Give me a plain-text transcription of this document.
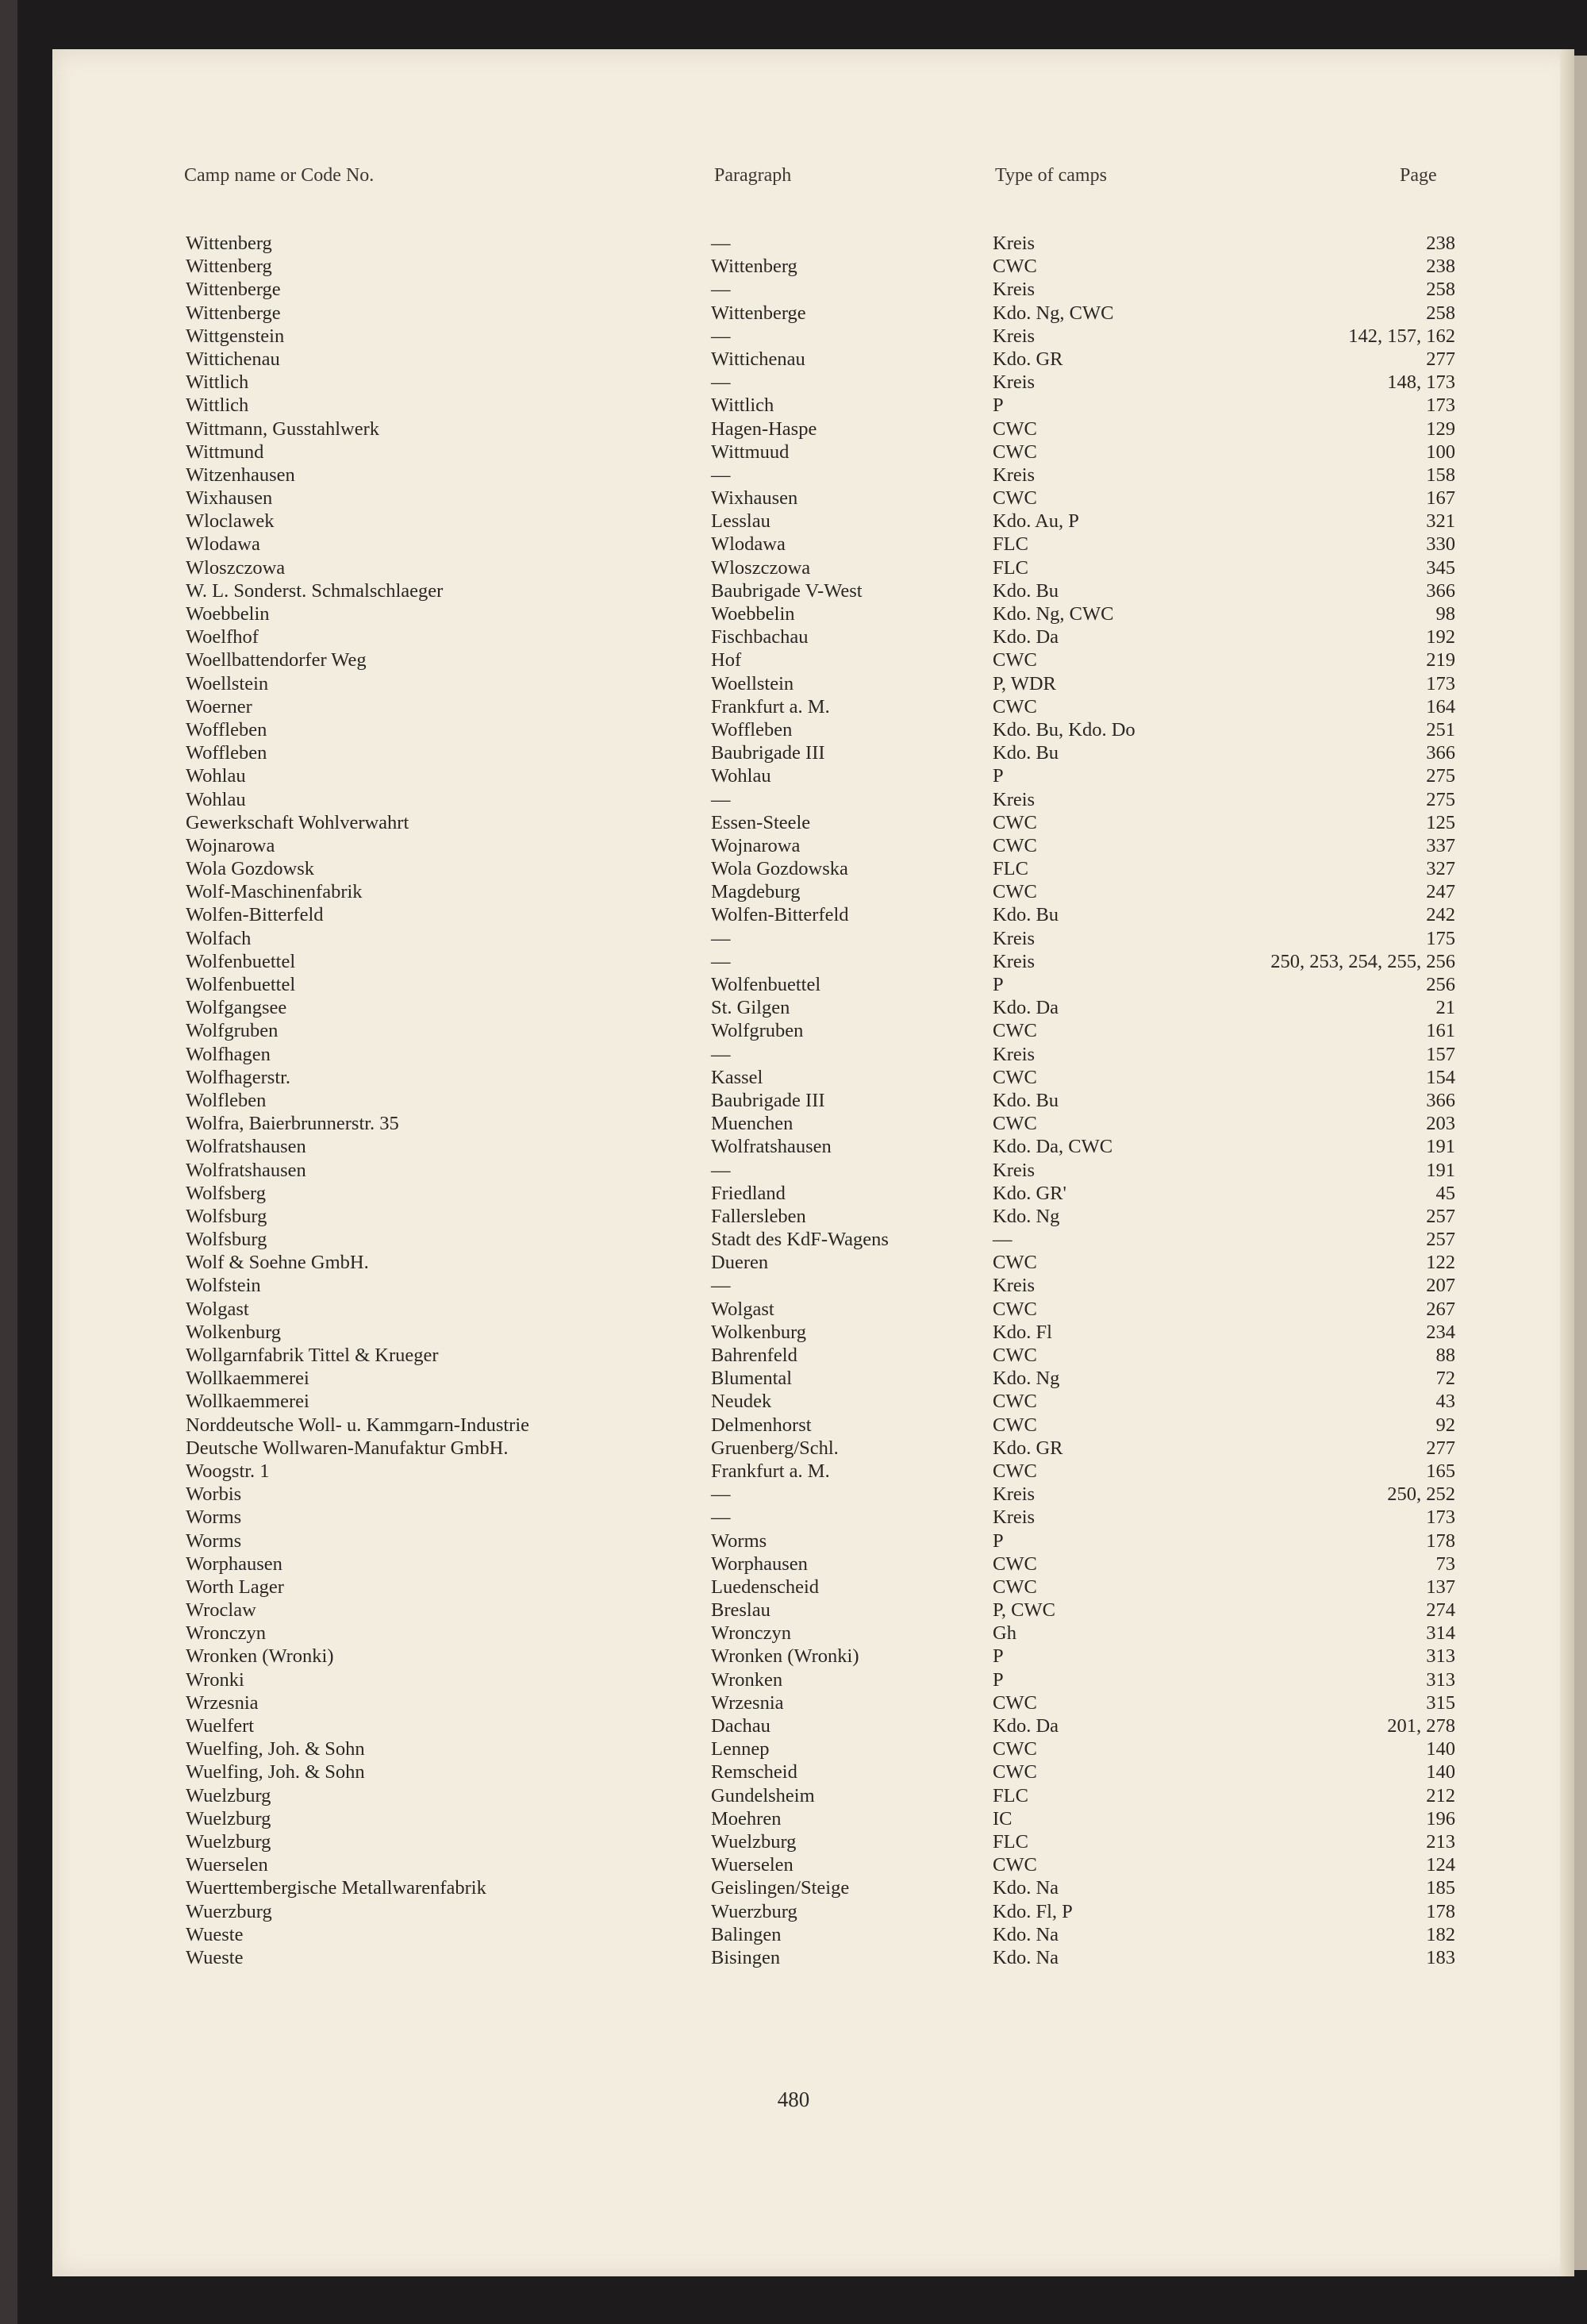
Camp name or Code No.	Paragraph	Type of camps	Page
Wittenberg	—	Kreis	238
Wittenberg	Wittenberg	CWC	238
Wittenberge	—	Kreis	258
Wittenberge	Wittenberge	Kdo. Ng, CWC	258
Wittgenstein	—	Kreis	142, 157, 162
Wittichenau	Wittichenau	Kdo. GR	277
Wittlich	—	Kreis	148, 173
Wittlich	Wittlich	P	173
Wittmann, Gusstahlwerk	Hagen-Haspe	CWC	129
Wittmund	Wittmuud	CWC	100
Witzenhausen	—	Kreis	158
Wixhausen	Wixhausen	CWC	167
Wloclawek	Lesslau	Kdo. Au, P	321
Wlodawa	Wlodawa	FLC	330
Wloszczowa	Wloszczowa	FLC	345
W. L. Sonderst. Schmalschlaeger	Baubrigade V-West	Kdo. Bu	366
Woebbelin	Woebbelin	Kdo. Ng, CWC	98
Woelfhof	Fischbachau	Kdo. Da	192
Woellbattendorfer Weg	Hof	CWC	219
Woellstein	Woellstein	P, WDR	173
Woerner	Frankfurt a. M.	CWC	164
Woffleben	Woffleben	Kdo. Bu, Kdo. Do	251
Woffleben	Baubrigade III	Kdo. Bu	366
Wohlau	Wohlau	P	275
Wohlau	—	Kreis	275
Gewerkschaft Wohlverwahrt	Essen-Steele	CWC	125
Wojnarowa	Wojnarowa	CWC	337
Wola Gozdowsk	Wola Gozdowska	FLC	327
Wolf-Maschinenfabrik	Magdeburg	CWC	247
Wolfen-Bitterfeld	Wolfen-Bitterfeld	Kdo. Bu	242
Wolfach	—	Kreis	175
Wolfenbuettel	—	Kreis	250, 253, 254, 255, 256
Wolfenbuettel	Wolfenbuettel	P	256
Wolfgangsee	St. Gilgen	Kdo. Da	21
Wolfgruben	Wolfgruben	CWC	161
Wolfhagen	—	Kreis	157
Wolfhagerstr.	Kassel	CWC	154
Wolfleben	Baubrigade III	Kdo. Bu	366
Wolfra, Baierbrunnerstr. 35	Muenchen	CWC	203
Wolfratshausen	Wolfratshausen	Kdo. Da, CWC	191
Wolfratshausen	—	Kreis	191
Wolfsberg	Friedland	Kdo. GR'	45
Wolfsburg	Fallersleben	Kdo. Ng	257
Wolfsburg	Stadt des KdF-Wagens	—	257
Wolf & Soehne GmbH.	Dueren	CWC	122
Wolfstein	—	Kreis	207
Wolgast	Wolgast	CWC	267
Wolkenburg	Wolkenburg	Kdo. Fl	234
Wollgarnfabrik Tittel & Krueger	Bahrenfeld	CWC	88
Wollkaemmerei	Blumental	Kdo. Ng	72
Wollkaemmerei	Neudek	CWC	43
Norddeutsche Woll- u. Kammgarn-Industrie	Delmenhorst	CWC	92
Deutsche Wollwaren-Manufaktur GmbH.	Gruenberg/Schl.	Kdo. GR	277
Woogstr. 1	Frankfurt a. M.	CWC	165
Worbis	—	Kreis	250, 252
Worms	—	Kreis	173
Worms	Worms	P	178
Worphausen	Worphausen	CWC	73
Worth Lager	Luedenscheid	CWC	137
Wroclaw	Breslau	P, CWC	274
Wronczyn	Wronczyn	Gh	314
Wronken (Wronki)	Wronken (Wronki)	P	313
Wronki	Wronken	P	313
Wrzesnia	Wrzesnia	CWC	315
Wuelfert	Dachau	Kdo. Da	201, 278
Wuelfing, Joh. & Sohn	Lennep	CWC	140
Wuelfing, Joh. & Sohn	Remscheid	CWC	140
Wuelzburg	Gundelsheim	FLC	212
Wuelzburg	Moehren	IC	196
Wuelzburg	Wuelzburg	FLC	213
Wuerselen	Wuerselen	CWC	124
Wuerttembergische Metallwarenfabrik	Geislingen/Steige	Kdo. Na	185
Wuerzburg	Wuerzburg	Kdo. Fl, P	178
Wueste	Balingen	Kdo. Na	182
Wueste	Bisingen	Kdo. Na	183
480
